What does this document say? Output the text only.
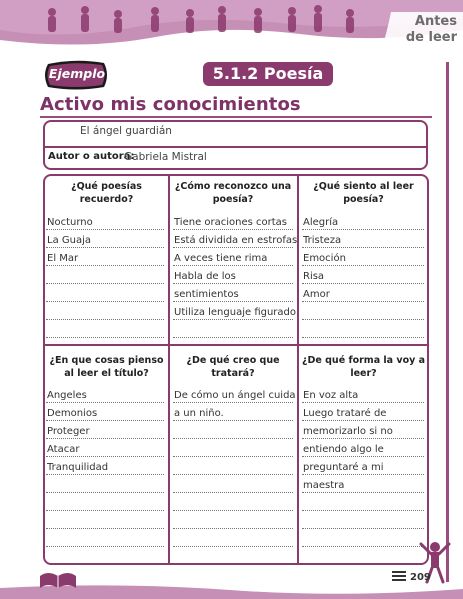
Antes
de leer
Ejemplo	5.1.2 Poesía
Activo mis conocimientos
El ángel guardián
Autor o autora:
Gabriela Mistral
¿Qué poesías recuerdo?
¿Cómo reconozco una poesía?
¿Qué siento al leer poesía?
¿En que cosas pienso al leer el título?
¿De qué creo que tratará?
¿De qué forma la voy a leer?
Nocturno
La Guaja
El Mar
Tiene oraciones cortas
Está dividida en estrofas
A veces tiene rima
Habla de los
sentimientos
Utiliza lenguaje figurado
Alegría
Tristeza
Emoción
Risa
Amor
Angeles
Demonios
Proteger
Atacar
Tranquilidad
De cómo un ángel cuida
a un niño.
En voz alta
Luego trataré de
memorizarlo si no
entiendo algo le
preguntaré a mi
maestra
209
